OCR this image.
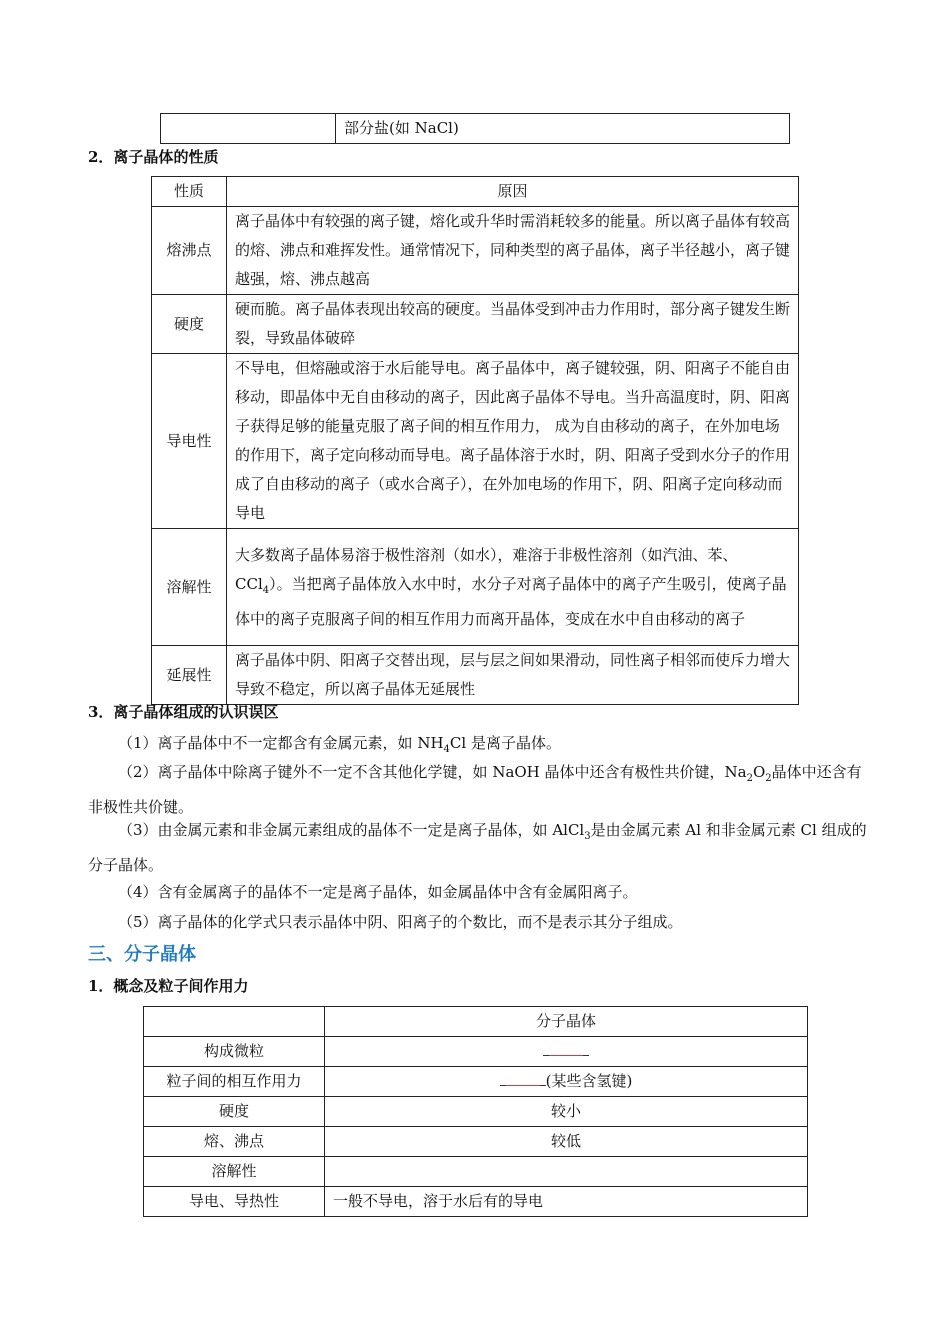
	部分盐(如 NaCl)
2．离子晶体的性质
性质	原因
熔沸点	离子晶体中有较强的离子键，熔化或升华时需消耗较多的能量。所以离子晶体有较高的熔、沸点和难挥发性。通常情况下，同种类型的离子晶体，离子半径越小，离子键越强，熔、沸点越高
硬度	硬而脆。离子晶体表现出较高的硬度。当晶体受到冲击力作用时，部分离子键发生断裂，导致晶体破碎
导电性	不导电，但熔融或溶于水后能导电。离子晶体中，离子键较强，阴、阳离子不能自由移动，即晶体中无自由移动的离子，因此离子晶体不导电。当升高温度时，阴、阳离子获得足够的能量克服了离子间的相互作用力， 成为自由移动的离子，在外加电场的作用下，离子定向移动而导电。离子晶体溶于水时，阴、阳离子受到水分子的作用成了自由移动的离子（或水合离子），在外加电场的作用下，阴、阳离子定向移动而导电
溶解性	大多数离子晶体易溶于极性溶剂（如水），难溶于非极性溶剂（如汽油、苯、CCl$_4$）。当把离子晶体放入水中时，水分子对离子晶体中的离子产生吸引，使离子晶体中的离子克服离子间的相互作用力而离开晶体，变成在水中自由移动的离子
延展性	离子晶体中阴、阳离子交替出现，层与层之间如果滑动，同性离子相邻而使斥力增大导致不稳定，所以离子晶体无延展性
3．离子晶体组成的认识误区
（1）离子晶体中不一定都含有金属元素，如 $NH_4Cl$ 是离子晶体。
（2）离子晶体中除离子键外不一定不含其他化学键，如 NaOH 晶体中还含有极性共价键，$Na_2O_2$晶体中还含有非极性共价键。
（3）由金属元素和非金属元素组成的晶体不一定是离子晶体，如 AlCl$_3$是由金属元素 Al 和非金属元素 Cl 组成的分子晶体。
（4）含有金属离子的晶体不一定是离子晶体，如金属晶体中含有金属阳离子。
（5）离子晶体的化学式只表示晶体中阴、阳离子的个数比，而不是表示其分子组成。
三、分子晶体
1．概念及粒子间作用力
	分子晶体
构成微粒	
粒子间的相互作用力	(某些含氢键)
硬度	较小
熔、沸点	较低
溶解性	
导电、导热性	一般不导电，溶于水后有的导电
